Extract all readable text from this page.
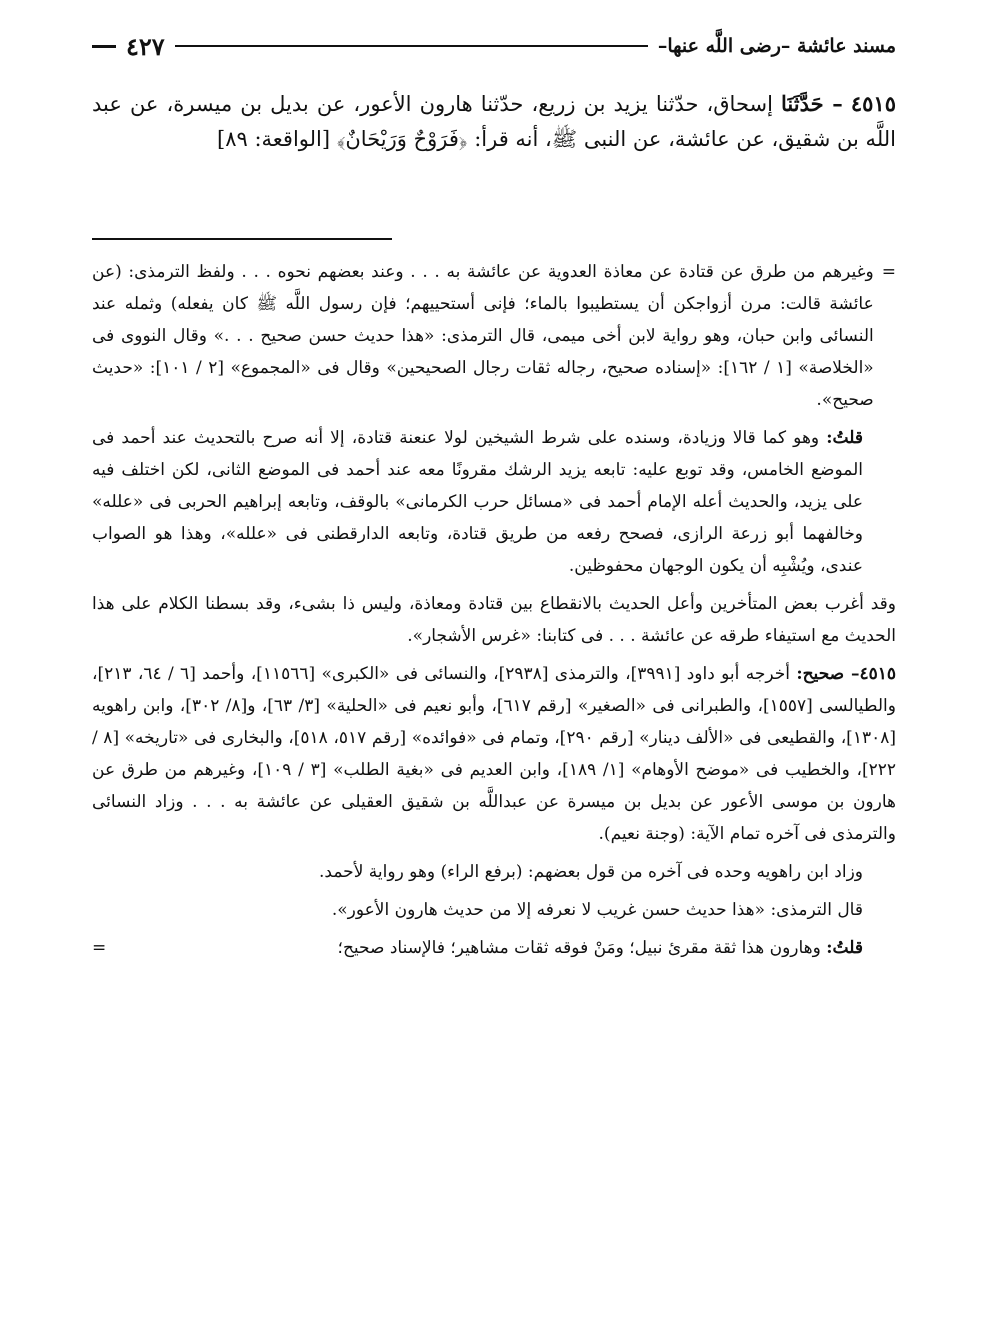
مسند عائشة –رضى اللَّه عنها–
٤٢٧
٤٥١٥ – حَدَّثَنَا إسحاق، حدّثنا يزيد بن زريع، حدّثنا هارون الأعور، عن بديل بن ميسرة، عن عبد اللَّه بن شقيق، عن عائشة، عن النبى ﷺ، أنه قرأ: ﴿فَرَوْحٌ وَرَيْحَانٌ﴾ [الواقعة: ٨٩]

=
وغيرهم من طرق عن قتادة عن معاذة العدوية عن عائشة به . . . وعند بعضهم نحوه . . . ولفظ الترمذى: (عن عائشة قالت: مرن أزواجكن أن يستطيبوا بالماء؛ فإنى أستحييهم؛ فإن رسول اللَّه ﷺ كان يفعله) وثمله عند النسائى وابن حبان، وهو رواية لابن أخى ميمى، قال الترمذى: «هذا حديث حسن صحيح . . .» وقال النووى فى «الخلاصة» [١ / ١٦٢]: «إسناده صحيح، رجاله ثقات رجال الصحيحين» وقال فى «المجموع» [٢ / ١٠١]: «حديث صحيح».

قلتُ: وهو كما قالا وزيادة، وسنده على شرط الشيخين لولا عنعنة قتادة، إلا أنه صرح بالتحديث عند أحمد فى الموضع الخامس، وقد توبع عليه: تابعه يزيد الرشك مقرونًا معه عند أحمد فى الموضع الثانى، لكن اختلف فيه على يزيد، والحديث أعله الإمام أحمد فى «مسائل حرب الكرمانى» بالوقف، وتابعه إبراهيم الحربى فى «علله» وخالفهما أبو زرعة الرازى، فصحح رفعه من طريق قتادة، وتابعه الدارقطنى فى «علله»، وهذا هو الصواب عندى، ويُشْبِه أن يكون الوجهان محفوظين.

وقد أغرب بعض المتأخرين وأعل الحديث بالانقطاع بين قتادة ومعاذة، وليس ذا بشىء، وقد بسطنا الكلام على هذا الحديث مع استيفاء طرقه عن عائشة . . . فى كتابنا: «غرس الأشجار».

٤٥١٥– صحيح: أخرجه أبو داود [٣٩٩١]، والترمذى [٢٩٣٨]، والنسائى فى «الكبرى» [١١٥٦٦]، وأحمد [٦ / ٦٤، ٢١٣]، والطيالسى [١٥٥٧]، والطبرانى فى «الصغير» [رقم ٦١٧]، وأبو نعيم فى «الحلية» [٣/ ٦٣]، و[٨/ ٣٠٢]، وابن راهويه [١٣٠٨]، والقطيعى فى «الألف دينار» [رقم ٢٩٠]، وتمام فى «فوائده» [رقم ٥١٧، ٥١٨]، والبخارى فى «تاريخه» [٨ / ٢٢٢]، والخطيب فى «موضح الأوهام» [١/ ١٨٩]، وابن العديم فى «بغية الطلب» [٣ / ١٠٩]، وغيرهم من طرق عن هارون بن موسى الأعور عن بديل بن ميسرة عن عبداللَّه بن شقيق العقيلى عن عائشة به . . . وزاد النسائى والترمذى فى آخره تمام الآية: (وجنة نعيم).

وزاد ابن راهويه وحده فى آخره من قول بعضهم: (برفع الراء) وهو رواية لأحمد.

قال الترمذى: «هذا حديث حسن غريب لا نعرفه إلا من حديث هارون الأعور».

قلتُ: وهارون هذا ثقة مقرئ نبيل؛ ومَنْ فوقه ثقات مشاهير؛ فالإسناد صحيح؛
=
